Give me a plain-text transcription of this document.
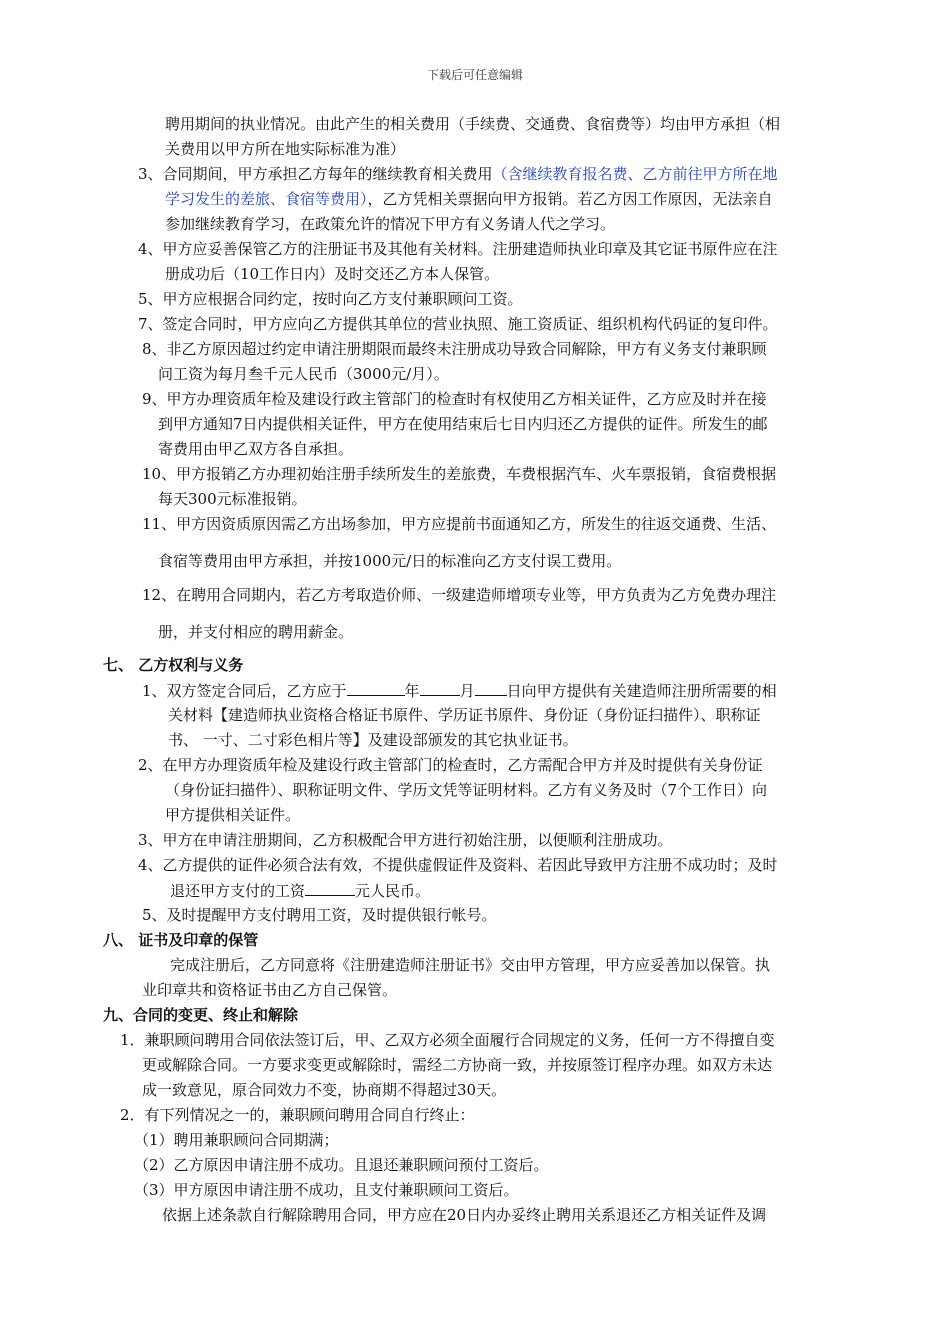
下载后可任意编辑
聘用期间的执业情况。由此产生的相关费用（手续费、交通费、食宿费等）均由甲方承担（相
关费用以甲方所在地实际标准为准）
3、合同期间，甲方承担乙方每年的继续教育相关费用（含继续教育报名费、乙方前往甲方所在地
学习发生的差旅、食宿等费用），乙方凭相关票据向甲方报销。若乙方因工作原因，无法亲自
参加继续教育学习，在政策允许的情况下甲方有义务请人代之学习。
4、甲方应妥善保管乙方的注册证书及其他有关材料。注册建造师执业印章及其它证书原件应在注
册成功后（10工作日内）及时交还乙方本人保管。
5、甲方应根据合同约定，按时向乙方支付兼职顾问工资。
7、签定合同时，甲方应向乙方提供其单位的营业执照、施工资质证、组织机构代码证的复印件。
8、非乙方原因超过约定申请注册期限而最终未注册成功导致合同解除，甲方有义务支付兼职顾
问工资为每月叁千元人民币（3000元/月）。
9、甲方办理资质年检及建设行政主管部门的检查时有权使用乙方相关证件，乙方应及时并在接
到甲方通知7日内提供相关证件，甲方在使用结束后七日内归还乙方提供的证件。所发生的邮
寄费用由甲乙双方各自承担。
10、甲方报销乙方办理初始注册手续所发生的差旅费，车费根据汽车、火车票报销，食宿费根据
每天300元标准报销。
11、甲方因资质原因需乙方出场参加，甲方应提前书面通知乙方，所发生的往返交通费、生活、
食宿等费用由甲方承担，并按1000元/日的标准向乙方支付误工费用。
12、在聘用合同期内，若乙方考取造价师、一级建造师增项专业等，甲方负责为乙方免费办理注
册，并支付相应的聘用薪金。
七、 乙方权利与义务
1、双方签定合同后，乙方应于	年	月 日向甲方提供有关建造师注册所需要的相
关材料【建造师执业资格合格证书原件、学历证书原件、身份证（身份证扫描件）、职称证
书、 一寸、二寸彩色相片等】及建设部颁发的其它执业证书。
2、在甲方办理资质年检及建设行政主管部门的检查时，乙方需配合甲方并及时提供有关身份证
（身份证扫描件）、职称证明文件、学历文凭等证明材料。乙方有义务及时（7个工作日）向
甲方提供相关证件。
3、甲方在申请注册期间，乙方积极配合甲方进行初始注册，以便顺利注册成功。
4、乙方提供的证件必须合法有效，不提供虚假证件及资料、若因此导致甲方注册不成功时；及时
退还甲方支付的工资	元人民币。
5、及时提醒甲方支付聘用工资，及时提供银行帐号。
八、 证书及印章的保管
完成注册后，乙方同意将《注册建造师注册证书》交由甲方管理，甲方应妥善加以保管。执
业印章共和资格证书由乙方自己保管。
九、合同的变更、终止和解除
1．兼职顾问聘用合同依法签订后，甲、乙双方必须全面履行合同规定的义务，任何一方不得擅自变
更或解除合同。一方要求变更或解除时，需经二方协商一致，并按原签订程序办理。如双方未达
成一致意见，原合同效力不变，协商期不得超过30天。
2．有下列情况之一的，兼职顾问聘用合同自行终止：
（1）聘用兼职顾问合同期满；
（2）乙方原因申请注册不成功。且退还兼职顾问预付工资后。
（3）甲方原因申请注册不成功，且支付兼职顾问工资后。
依据上述条款自行解除聘用合同，甲方应在20日内办妥终止聘用关系退还乙方相关证件及调
